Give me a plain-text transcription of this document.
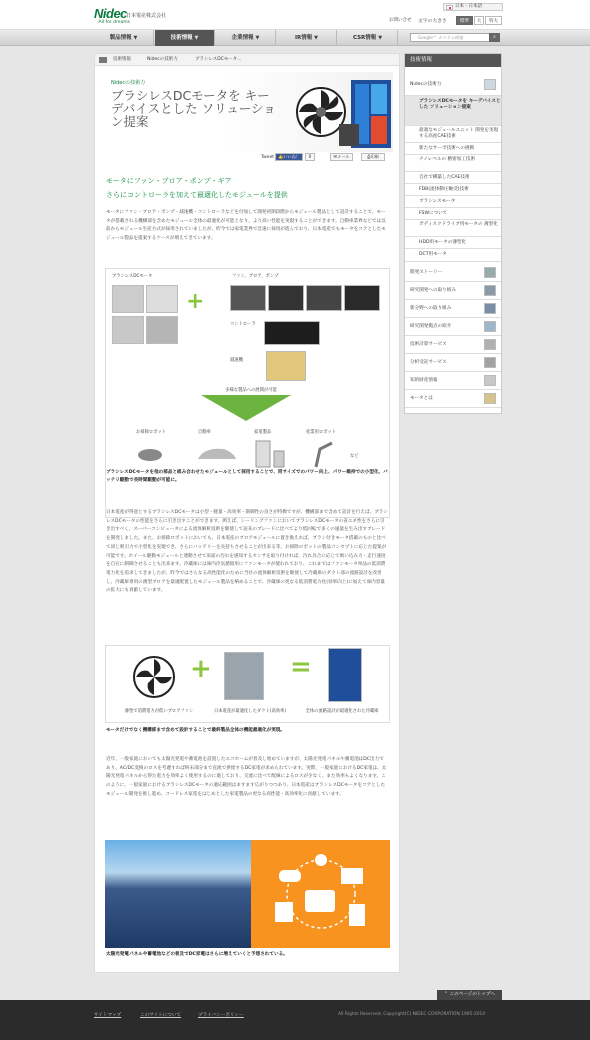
Nidec
-All for dreams
日本電産株式会社
日本 - 日本語
お問い合せ 文字の大きさ	標準	大	特大
製品情報 ▼	技術情報 ▼	企業情報 ▼	IR情報 ▼	CSR情報 ▼	Google™ カスタム検索	⌕
技術情報	Nidecの技術力	ブラシレスDCモータ...
Nidecの技術力
ブラシレスDCモータを キーデバイスとした ソリューション提案
Tweet 👍いいね！	0	✉メール	⎙印刷
モータにファン・ブロア・ポンプ・ギア
さらにコントローラを加えて最適化したモジュールを提供
モータにファン・ブロア・ポンプ・減速機・コントローラなどを付加して開発初期段階からモジュール製品として設計することで、モータが搭載される機構部を含めたモジュール全体の最適化が可能となり、より高い性能を実現することができます。自動車業界などでは以前からモジュール生産方式が採用されていましたが、昨今では家電業界で急速に採用が進んでおり、日本電産でもモータをコアとしたモジュール製品を提案するケースが増えてきています。
ブラシレスDCモータ	ファン、ブロア、ポンプ
+
コントローラ
減速機
多様な製品への展開が可能
お掃除ロボット	自動車	家電製品	産業用ロボット
など
ブラシレスDCモータを他の部品と組み合わせたモジュールとして採用することで、同サイズでのパワー向上、パワー維持での小型化、バッテリ駆動で長時間駆動が可能に。
日本電産が得意とするブラシレスDCモータは小型・軽量・高効率・制御性の良さが特徴ですが、機構部まで含めて設計を行えば、ブラシレスDCモータの性能をさらに引き出すことができます。例えば、シーリングファンにおいてブラシレスDCモータの省エネ性をさらに引き出すべく、スーパーコンピュータによる流体解析技術を駆使して従来のブレードに比べてより低回転で多くの風量を生み出すブレードを開発しました。また、お掃除ロボットにおいても、日本電産のブロアモジュールに置き換えれば、ブラシ付きモータ搭載のものと比べて同じ吸引力で小型化を実現でき、さらにバッテリーを長持ちさせることが出来る等、お掃除ロボットの製品コンセプトに応じた提案が可能です。ホイール駆動モジュールと連動させて床面の汚れを感知するセンサを取り付ければ、汚れ具合に応じて吸い込み力・走行速度を自在に制御させることも出来ます。冷蔵庫には庫内冷気循環用にファンモータが使われており、これまではファンモータ単品の低消費電力化を追求してきましたが、昨今ではさらなる高性能化のために当社の流体解析技術を駆使して冷蔵庫のダクト部の流路設計を改善し、冷蔵庫専用の薄型ブロアを最適配置したモジュール製品を納めることで、冷蔵庫の更なる低消費電力化(効率向上)に加えて庫内容量の拡大にも貢献しています。
+	=
薄型で消費電力が低いブロアファン	日本電産が最適化したダクト(高効率)	全体の流路設計が最適化された冷蔵庫
モータだけでなく機構部まで含めて設計することで最終製品全体の機能最適化が実現。
近年、一般家庭においても太陽光発電や蓄電池を設置したエコホームが普及し始めていますが、太陽光発電パネルや蓄電池はDC出力であり、AC/DC変換のロスを考慮すれば終末部分まで直流で供給するDC家電が求められています。実際、一般家庭におけるDC家電は、太陽光発電パネルから得た電力を効率よく使用するのに適しており、交流に比べて配線によるロスが少なく、また効率もよくなります。このように、一般家庭におけるブラシレスDCモータの適応範囲はますます広がりつつあり、日本電産はブラシレスDCモータをコアとしたモジュール開発を推し進め、コードレス家電をはじめとした家電製品の更なる高性能・高効率化に貢献しています。
太陽光発電パネルや蓄電池などの普及でDC家電はさらに増えていくと予想されている。
技術情報
Nidecの技術力
ブラシレスDCモータを キーデバイスとした ソリューション提案
最適なモジュールユニット 開発を実現する高度CAE技術
新たなサーボ技術への挑戦
ナノレベルの 精密加工技術
自社で構築したCAE技術
FDB(流体動圧軸受)技術
ブラシレスモータ
FSWについて
ガディスクドライブ用モータの 薄型化
HDD用モータの薄型化
DCT用モータ
開発ストーリー
研究開発への取り組み
新分野への取り組み
研究開発拠点の紹介
技術計算サービス
分析受託サービス
知的財産情報
モータとは
⌃ このページのトップへ
サイトマップ	このサイトについて	プライバシーポリシー	All Rights Reserved, Copyright(C) NIDEC CORPORATION 1995-2014
